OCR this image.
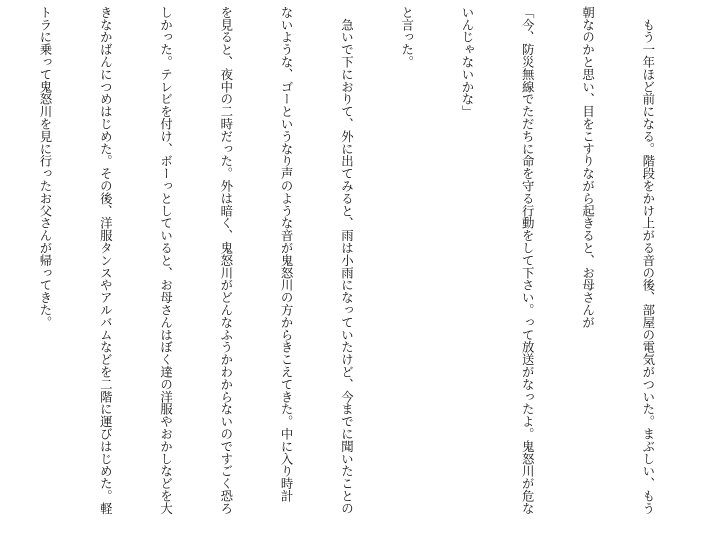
　もう一年ほど前になる。階段をかけ上がる音の後、部屋の電気がついた。まぶしい、もう

朝なのかと思い、目をこすりながら起きると、お母さんが

「今、防災無線でただちに命を守る行動をして下さい。って放送がなったよ。鬼怒川が危な

いんじゃないかな」

と言った。

　急いで下におりて、外に出てみると、雨は小雨になっていたけど、今までに聞いたことの

ないような、ゴーというなり声のような音が鬼怒川の方からきこえてきた。中に入り時計

を見ると、夜中の二時だった。外は暗く、鬼怒川がどんなふうかわからないのですごく恐ろ

しかった。テレビを付け、ボーっとしていると、お母さんはぼく達の洋服やおかしなどを大

きなかばんにつめはじめた。その後、洋服タンスやアルバムなどを二階に運びはじめた。軽

トラに乗って鬼怒川を見に行ったお父さんが帰ってきた。
